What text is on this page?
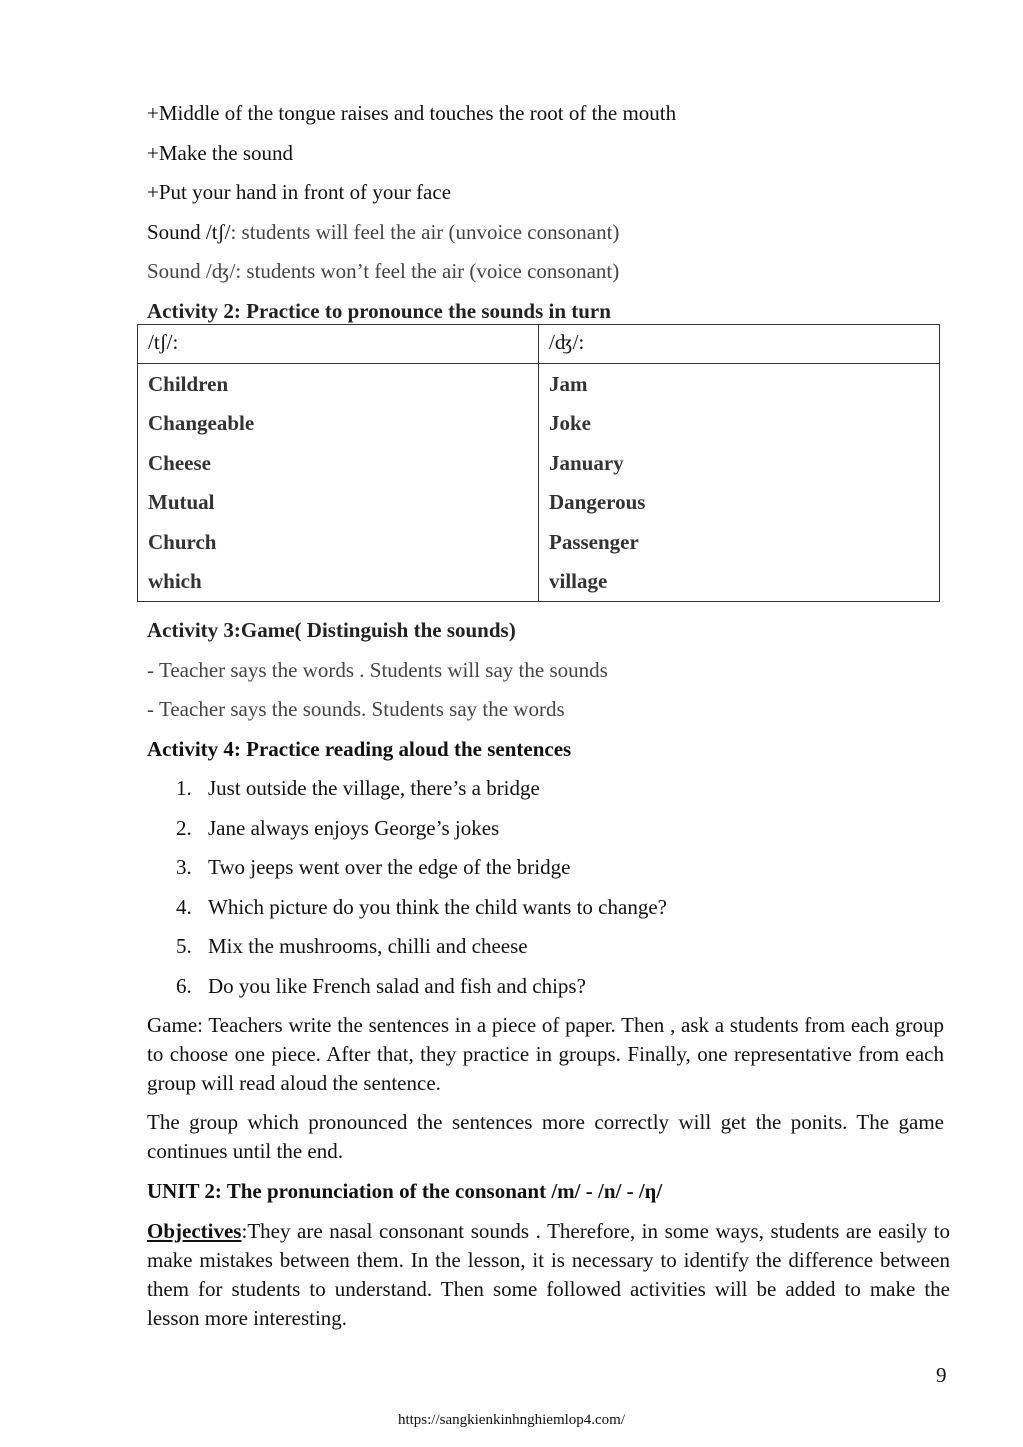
+Middle of the tongue raises and touches the root of the mouth
+Make the sound
+Put your hand in front of your face
Sound /tʃ/: students will feel the air (unvoice consonant)
Sound /ʤ/: students won’t feel the air (voice consonant)
Activity 2: Practice to pronounce the sounds in turn
/tʃ/:	/ʤ/:
Children	Jam
Changeable	Joke
Cheese	January
Mutual	Dangerous
Church	Passenger
which	village
Activity 3:Game( Distinguish the sounds)
- Teacher says the words . Students will say the sounds
- Teacher says the sounds. Students say the words
Activity 4: Practice reading aloud the sentences
1. Just outside the village, there’s a bridge
2. Jane always enjoys George’s jokes
3. Two jeeps went over the edge of the bridge
4. Which picture do you think the child wants to change?
5. Mix the mushrooms, chilli and cheese
6. Do you like French salad and fish and chips?

Game: Teachers write the sentences in a piece of paper. Then , ask a students from each group to choose one piece. After that, they practice in groups. Finally, one representative from each group will read aloud the sentence.

The group which pronounced the sentences more correctly will get the ponits. The game continues until the end.

UNIT 2: The pronunciation of the consonant /m/ - /n/ - /ƞ/

Objectives:They are nasal consonant sounds . Therefore, in some ways, students are easily to make mistakes between them. In the lesson, it is necessary to identify the difference between them for students to understand. Then some followed activities will be added to make the lesson more interesting.

9
https://sangkienkinhnghiemlop4.com/
